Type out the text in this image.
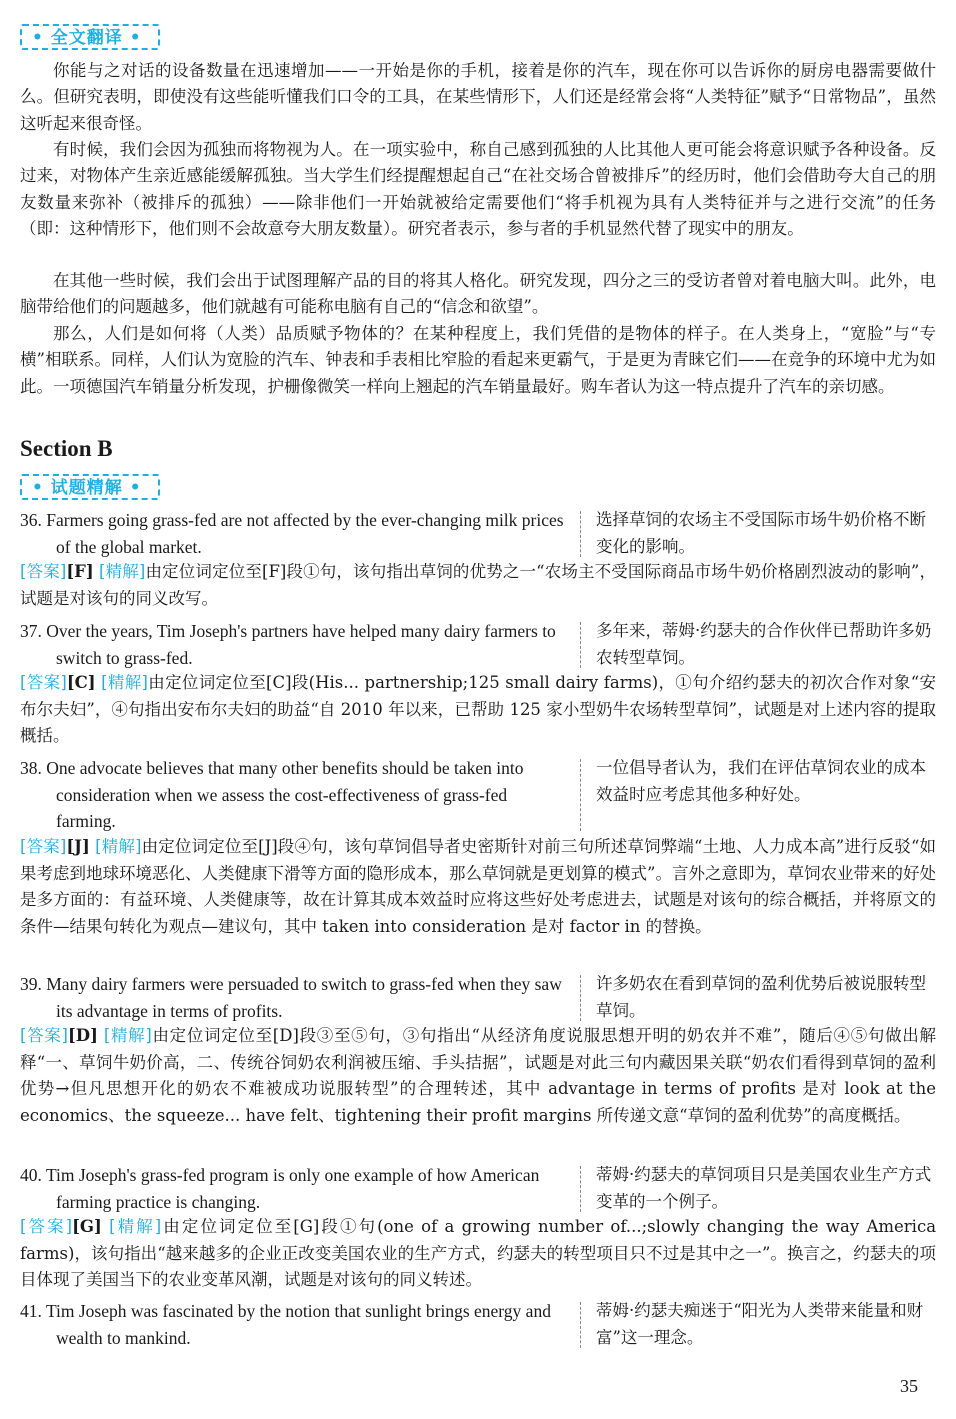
• 全文翻译 •

你能与之对话的设备数量在迅速增加——一开始是你的手机，接着是你的汽车，现在你可以告诉你的厨房电器需要做什么。但研究表明，即使没有这些能听懂我们口令的工具，在某些情形下，人们还是经常会将“人类特征”赋予“日常物品”，虽然这听起来很奇怪。

有时候，我们会因为孤独而将物视为人。在一项实验中，称自己感到孤独的人比其他人更可能会将意识赋予各种设备。反过来，对物体产生亲近感能缓解孤独。当大学生们经提醒想起自己“在社交场合曾被排斥”的经历时，他们会借助夸大自己的朋友数量来弥补（被排斥的孤独）——除非他们一开始就被给定需要他们“将手机视为具有人类特征并与之进行交流”的任务（即：这种情形下，他们则不会故意夸大朋友数量）。研究者表示，参与者的手机显然代替了现实中的朋友。

在其他一些时候，我们会出于试图理解产品的目的将其人格化。研究发现，四分之三的受访者曾对着电脑大叫。此外，电脑带给他们的问题越多，他们就越有可能称电脑有自己的“信念和欲望”。

那么，人们是如何将（人类）品质赋予物体的？在某种程度上，我们凭借的是物体的样子。在人类身上，“宽脸”与“专横”相联系。同样，人们认为宽脸的汽车、钟表和手表相比窄脸的看起来更霸气，于是更为青睐它们——在竞争的环境中尤为如此。一项德国汽车销量分析发现，护栅像微笑一样向上翘起的汽车销量最好。购车者认为这一特点提升了汽车的亲切感。

Section B
• 试题精解 •
36. Farmers going grass-fed are not affected by the ever-changing milk prices of the global market.
选择草饲的农场主不受国际市场牛奶价格不断变化的影响。

[答案][F] [精解]由定位词定位至[F]段①句，该句指出草饲的优势之一“农场主不受国际商品市场牛奶价格剧烈波动的影响”，试题是对该句的同义改写。

37. Over the years, Tim Joseph's partners have helped many dairy farmers to switch to grass-fed.
多年来，蒂姆·约瑟夫的合作伙伴已帮助许多奶农转型草饲。

[答案][C] [精解]由定位词定位至[C]段(His... partnership;125 small dairy farms)，①句介绍约瑟夫的初次合作对象“安布尔夫妇”，④句指出安布尔夫妇的助益“自 2010 年以来，已帮助 125 家小型奶牛农场转型草饲”，试题是对上述内容的提取概括。

38. One advocate believes that many other benefits should be taken into consideration when we assess the cost-effectiveness of grass-fed farming.
一位倡导者认为，我们在评估草饲农业的成本效益时应考虑其他多种好处。

[答案][J] [精解]由定位词定位至[J]段④句，该句草饲倡导者史密斯针对前三句所述草饲弊端“土地、人力成本高”进行反驳“如果考虑到地球环境恶化、人类健康下滑等方面的隐形成本，那么草饲就是更划算的模式”。言外之意即为，草饲农业带来的好处是多方面的：有益环境、人类健康等，故在计算其成本效益时应将这些好处考虑进去，试题是对该句的综合概括，并将原文的条件—结果句转化为观点—建议句，其中 taken into consideration 是对 factor in 的替换。

39. Many dairy farmers were persuaded to switch to grass-fed when they saw its advantage in terms of profits.
许多奶农在看到草饲的盈利优势后被说服转型草饲。

[答案][D] [精解]由定位词定位至[D]段③至⑤句，③句指出“从经济角度说服思想开明的奶农并不难”，随后④⑤句做出解释“一、草饲牛奶价高，二、传统谷饲奶农利润被压缩、手头拮据”，试题是对此三句内藏因果关联“奶农们看得到草饲的盈利优势→但凡思想开化的奶农不难被成功说服转型”的合理转述，其中 advantage in terms of profits 是对 look at the economics、the squeeze... have felt、tightening their profit margins 所传递文意“草饲的盈利优势”的高度概括。

40. Tim Joseph's grass-fed program is only one example of how American farming practice is changing.
蒂姆·约瑟夫的草饲项目只是美国农业生产方式变革的一个例子。

[答案][G] [精解]由定位词定位至[G]段①句(one of a growing number of...;slowly changing the way America farms)，该句指出“越来越多的企业正改变美国农业的生产方式，约瑟夫的转型项目只不过是其中之一”。换言之，约瑟夫的项目体现了美国当下的农业变革风潮，试题是对该句的同义转述。

41. Tim Joseph was fascinated by the notion that sunlight brings energy and wealth to mankind.
蒂姆·约瑟夫痴迷于“阳光为人类带来能量和财富”这一理念。
35
